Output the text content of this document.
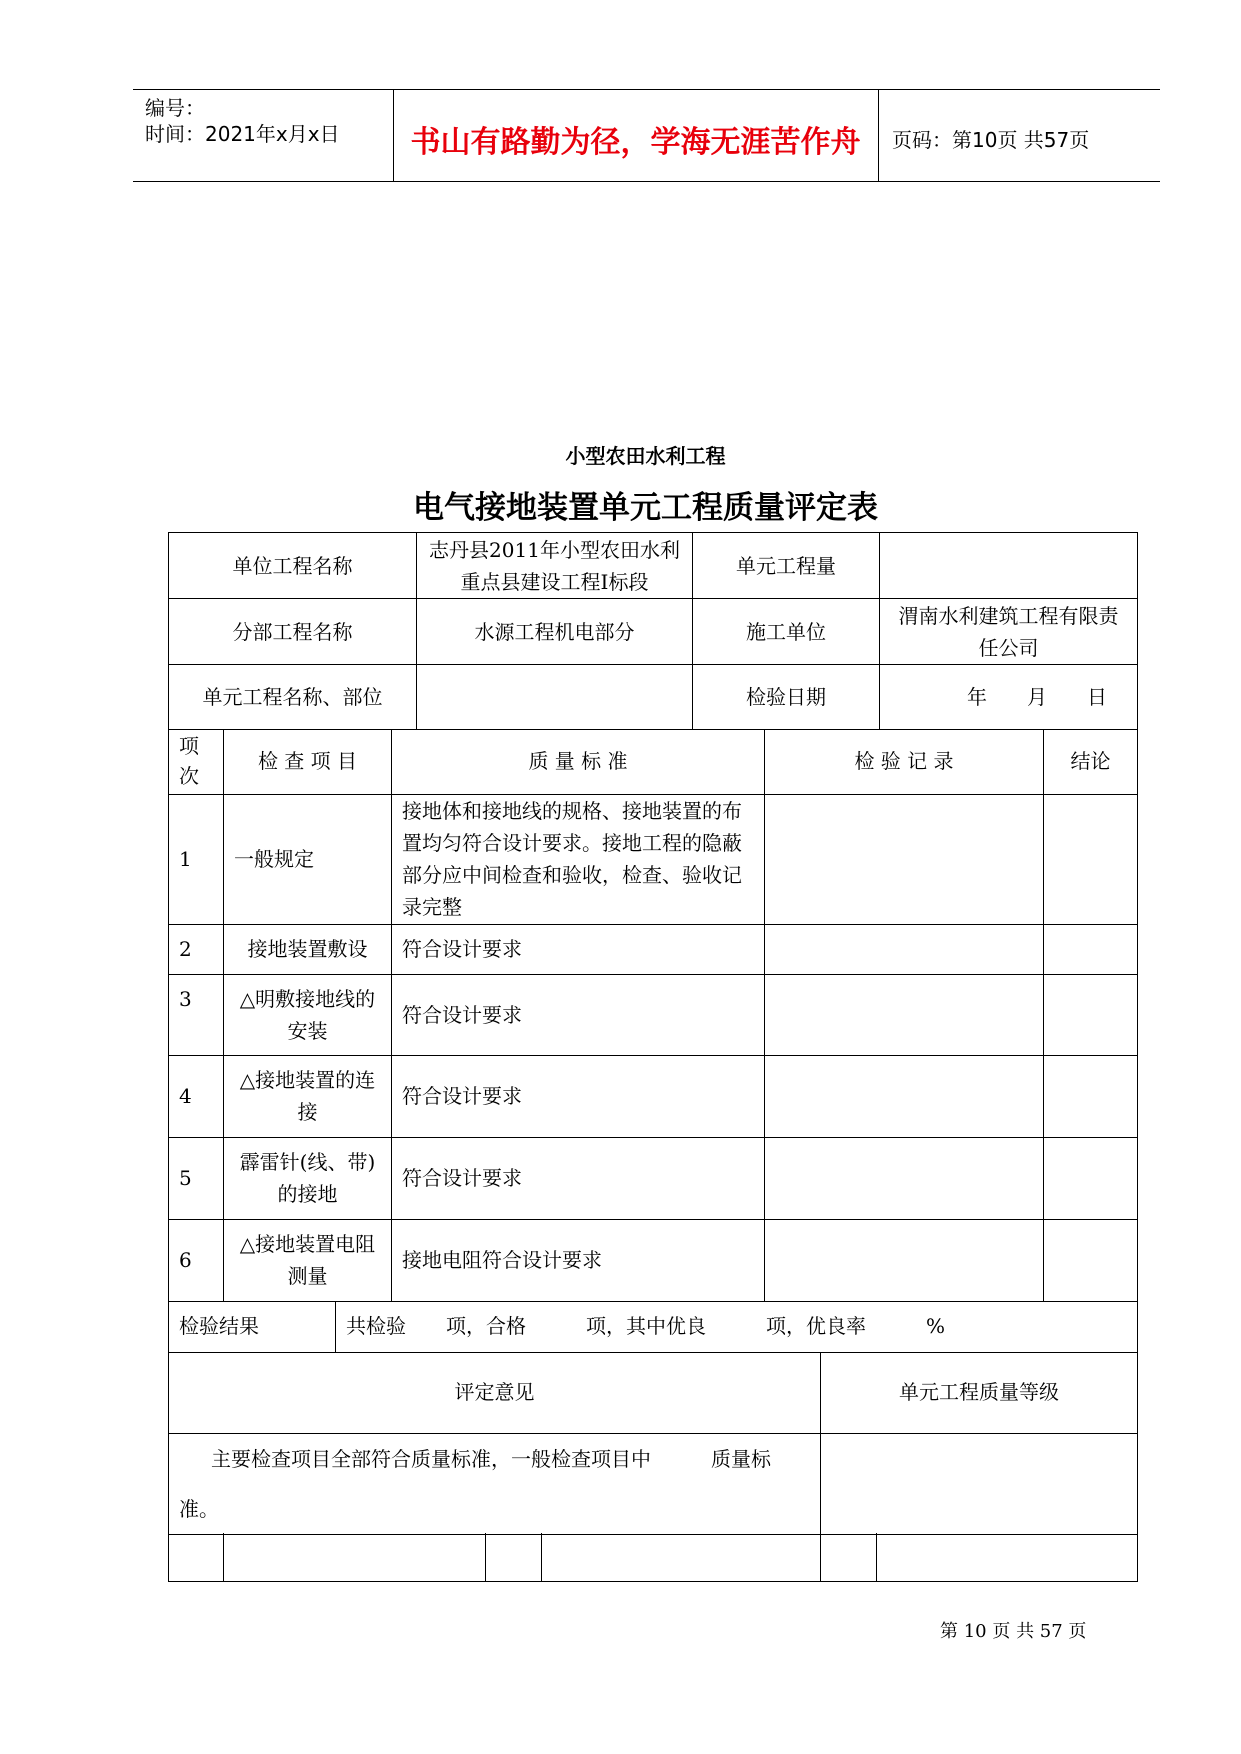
编号：
时间：2021年x月x日	书山有路勤为径，学海无涯苦作舟	页码：第10页 共57页
小型农田水利工程
电气接地装置单元工程质量评定表
单位工程名称	志丹县2011年小型农田水利重点县建设工程Ⅰ标段	单元工程量	
分部工程名称	水源工程机电部分	施工单位	渭南水利建筑工程有限责任公司
单元工程名称、部位		检验日期	年　　月　　日
项次	检 查 项 目	质 量 标 准	检 验 记 录	结论
1	一般规定	接地体和接地线的规格、接地装置的布置均匀符合设计要求。接地工程的隐蔽部分应中间检查和验收，检查、验收记录完整		
2	接地装置敷设	符合设计要求		
3	△明敷接地线的安装	符合设计要求		
4	△接地装置的连接	符合设计要求		
5	霹雷针(线、带)的接地	符合设计要求		
6	△接地装置电阻测量	接地电阻符合设计要求		
检验结果	共检验　　项，合格　　　项，其中优良　　　项，优良率　　　%
评定意见	单元工程质量等级
主要检查项目全部符合质量标准，一般检查项目中　　　质量标准。	

第 10 页 共 57 页
